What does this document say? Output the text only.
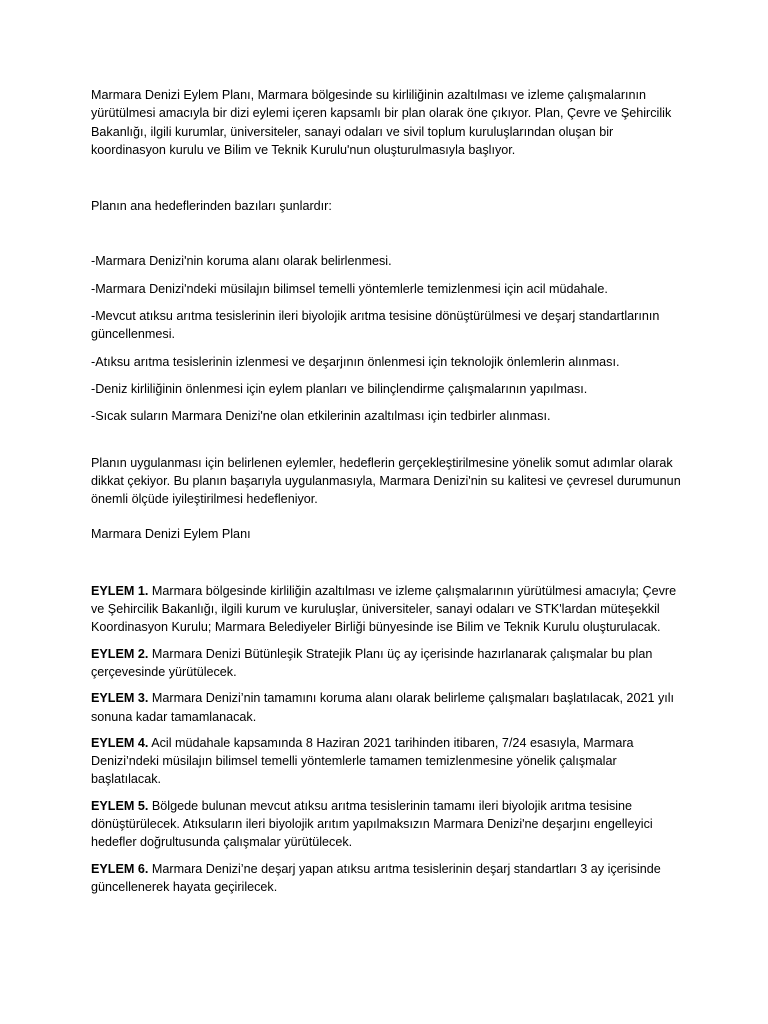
Marmara Denizi Eylem Planı, Marmara bölgesinde su kirliliğinin azaltılması ve izleme çalışmalarının yürütülmesi amacıyla bir dizi eylemi içeren kapsamlı bir plan olarak öne çıkıyor. Plan, Çevre ve Şehircilik Bakanlığı, ilgili kurumlar, üniversiteler, sanayi odaları ve sivil toplum kuruluşlarından oluşan bir koordinasyon kurulu ve Bilim ve Teknik Kurulu'nun oluşturulmasıyla başlıyor.

Planın ana hedeflerinden bazıları şunlardır:

-Marmara Denizi'nin koruma alanı olarak belirlenmesi.

-Marmara Denizi'ndeki müsilajın bilimsel temelli yöntemlerle temizlenmesi için acil müdahale.

-Mevcut atıksu arıtma tesislerinin ileri biyolojik arıtma tesisine dönüştürülmesi ve deşarj standartlarının güncellenmesi.

-Atıksu arıtma tesislerinin izlenmesi ve deşarjının önlenmesi için teknolojik önlemlerin alınması.

-Deniz kirliliğinin önlenmesi için eylem planları ve bilinçlendirme çalışmalarının yapılması.

-Sıcak suların Marmara Denizi'ne olan etkilerinin azaltılması için tedbirler alınması.

Planın uygulanması için belirlenen eylemler, hedeflerin gerçekleştirilmesine yönelik somut adımlar olarak dikkat çekiyor. Bu planın başarıyla uygulanmasıyla, Marmara Denizi'nin su kalitesi ve çevresel durumunun önemli ölçüde iyileştirilmesi hedefleniyor.

Marmara Denizi Eylem Planı

EYLEM 1. Marmara bölgesinde kirliliğin azaltılması ve izleme çalışmalarının yürütülmesi amacıyla; Çevre ve Şehircilik Bakanlığı, ilgili kurum ve kuruluşlar, üniversiteler, sanayi odaları ve STK'lardan müteşekkil Koordinasyon Kurulu; Marmara Belediyeler Birliği bünyesinde ise Bilim ve Teknik Kurulu oluşturulacak.

EYLEM 2. Marmara Denizi Bütünleşik Stratejik Planı üç ay içerisinde hazırlanarak çalışmalar bu plan çerçevesinde yürütülecek.

EYLEM 3. Marmara Denizi’nin tamamını koruma alanı olarak belirleme çalışmaları başlatılacak, 2021 yılı sonuna kadar tamamlanacak.

EYLEM 4. Acil müdahale kapsamında 8 Haziran 2021 tarihinden itibaren, 7/24 esasıyla, Marmara Denizi’ndeki müsilajın bilimsel temelli yöntemlerle tamamen temizlenmesine yönelik çalışmalar başlatılacak.

EYLEM 5. Bölgede bulunan mevcut atıksu arıtma tesislerinin tamamı ileri biyolojik arıtma tesisine dönüştürülecek. Atıksuların ileri biyolojik arıtım yapılmaksızın Marmara Denizi'ne deşarjını engelleyici hedefler doğrultusunda çalışmalar yürütülecek.

EYLEM 6. Marmara Denizi’ne deşarj yapan atıksu arıtma tesislerinin deşarj standartları 3 ay içerisinde güncellenerek hayata geçirilecek.
